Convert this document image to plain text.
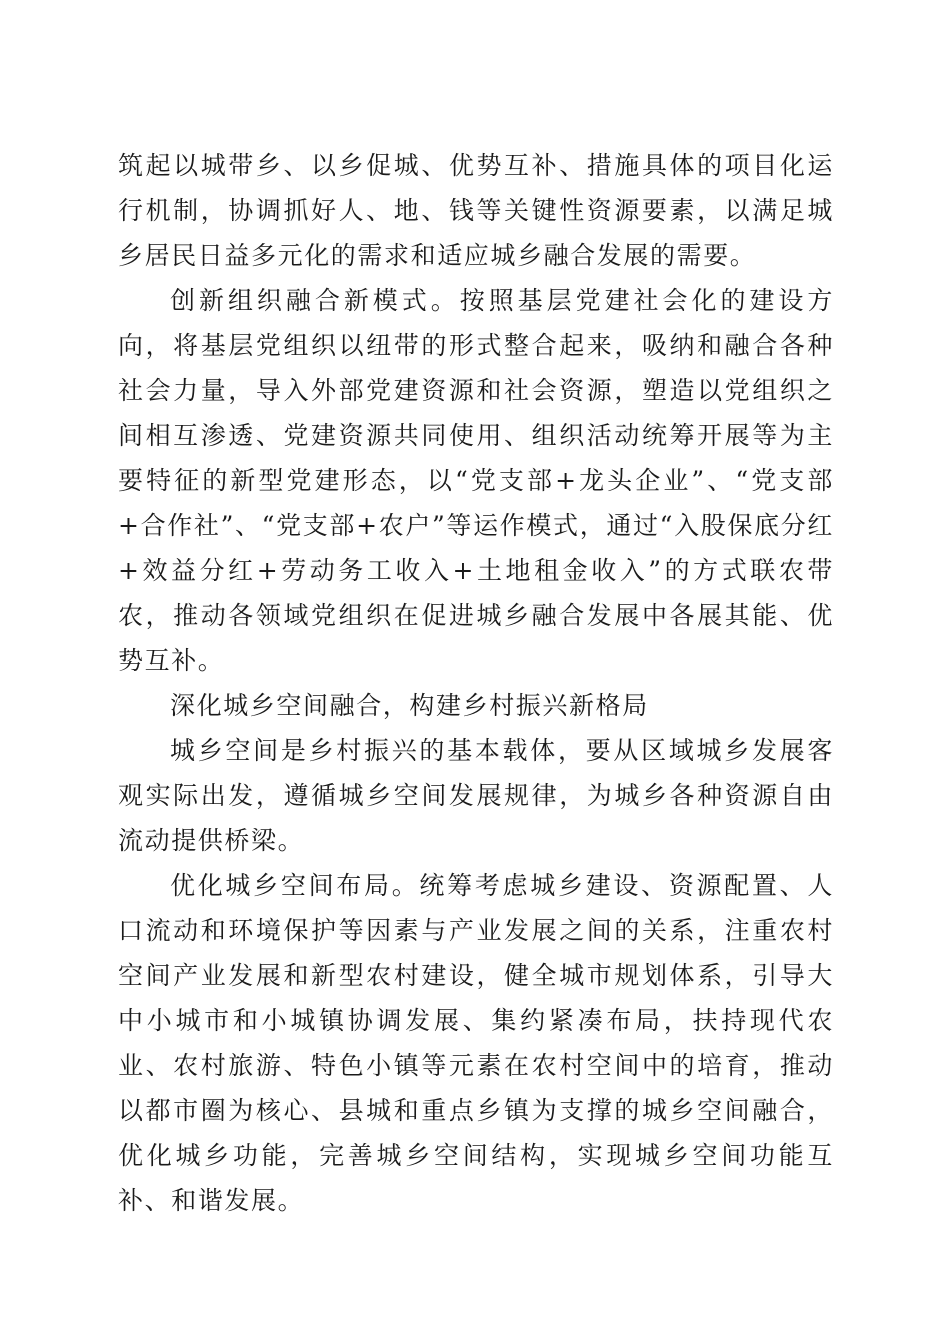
筑起以城带乡、以乡促城、优势互补、措施具体的项目化运行机制，协调抓好人、地、钱等关键性资源要素，以满足城乡居民日益多元化的需求和适应城乡融合发展的需要。

创新组织融合新模式。按照基层党建社会化的建设方向，将基层党组织以纽带的形式整合起来，吸纳和融合各种社会力量，导入外部党建资源和社会资源，塑造以党组织之间相互渗透、党建资源共同使用、组织活动统筹开展等为主要特征的新型党建形态，以“党支部+龙头企业”、“党支部+合作社”、“党支部+农户”等运作模式，通过“入股保底分红+效益分红+劳动务工收入+土地租金收入”的方式联农带农，推动各领域党组织在促进城乡融合发展中各展其能、优势互补。

深化城乡空间融合，构建乡村振兴新格局

城乡空间是乡村振兴的基本载体，要从区域城乡发展客观实际出发，遵循城乡空间发展规律，为城乡各种资源自由流动提供桥梁。

优化城乡空间布局。统筹考虑城乡建设、资源配置、人口流动和环境保护等因素与产业发展之间的关系，注重农村空间产业发展和新型农村建设，健全城市规划体系，引导大中小城市和小城镇协调发展、集约紧凑布局，扶持现代农业、农村旅游、特色小镇等元素在农村空间中的培育，推动以都市圈为核心、县城和重点乡镇为支撑的城乡空间融合，优化城乡功能，完善城乡空间结构，实现城乡空间功能互补、和谐发展。
